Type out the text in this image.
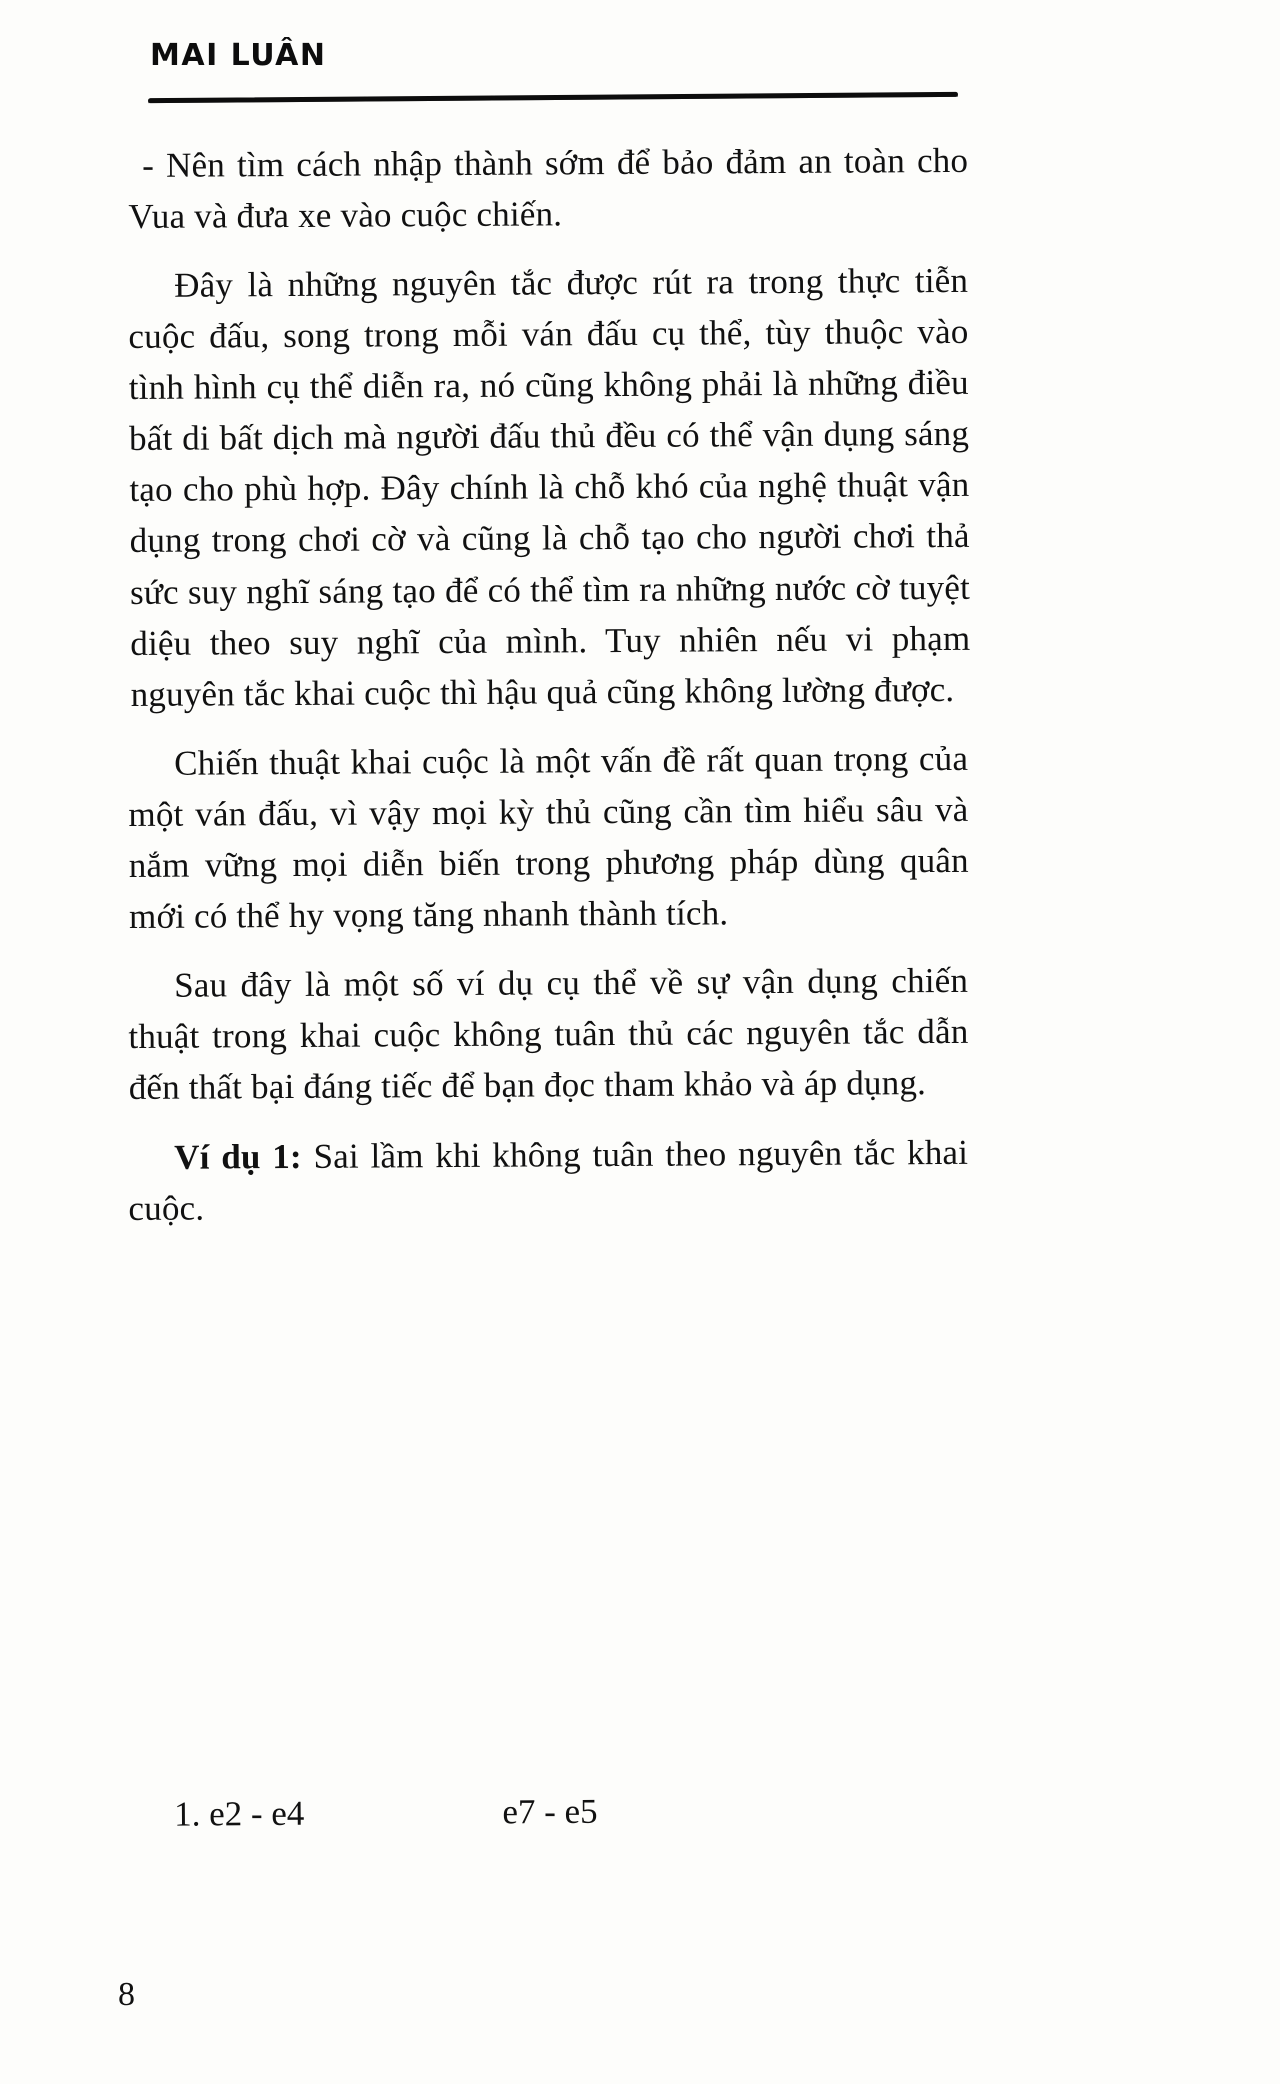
MAI LUÂN

- Nên tìm cách nhập thành sớm để bảo đảm an toàn cho Vua và đưa xe vào cuộc chiến.

Đây là những nguyên tắc được rút ra trong thực tiễn cuộc đấu, song trong mỗi ván đấu cụ thể, tùy thuộc vào tình hình cụ thể diễn ra, nó cũng không phải là những điều bất di bất dịch mà người đấu thủ đều có thể vận dụng sáng tạo cho phù hợp. Đây chính là chỗ khó của nghệ thuật vận dụng trong chơi cờ và cũng là chỗ tạo cho người chơi thả sức suy nghĩ sáng tạo để có thể tìm ra những nước cờ tuyệt diệu theo suy nghĩ của mình. Tuy nhiên nếu vi phạm nguyên tắc khai cuộc thì hậu quả cũng không lường được.

Chiến thuật khai cuộc là một vấn đề rất quan trọng của một ván đấu, vì vậy mọi kỳ thủ cũng cần tìm hiểu sâu và nắm vững mọi diễn biến trong phương pháp dùng quân mới có thể hy vọng tăng nhanh thành tích.

Sau đây là một số ví dụ cụ thể về sự vận dụng chiến thuật trong khai cuộc không tuân thủ các nguyên tắc dẫn đến thất bại đáng tiếc để bạn đọc tham khảo và áp dụng.

Ví dụ 1: Sai lầm khi không tuân theo nguyên tắc khai cuộc.

1. e2 - e4	e7 - e5
8
